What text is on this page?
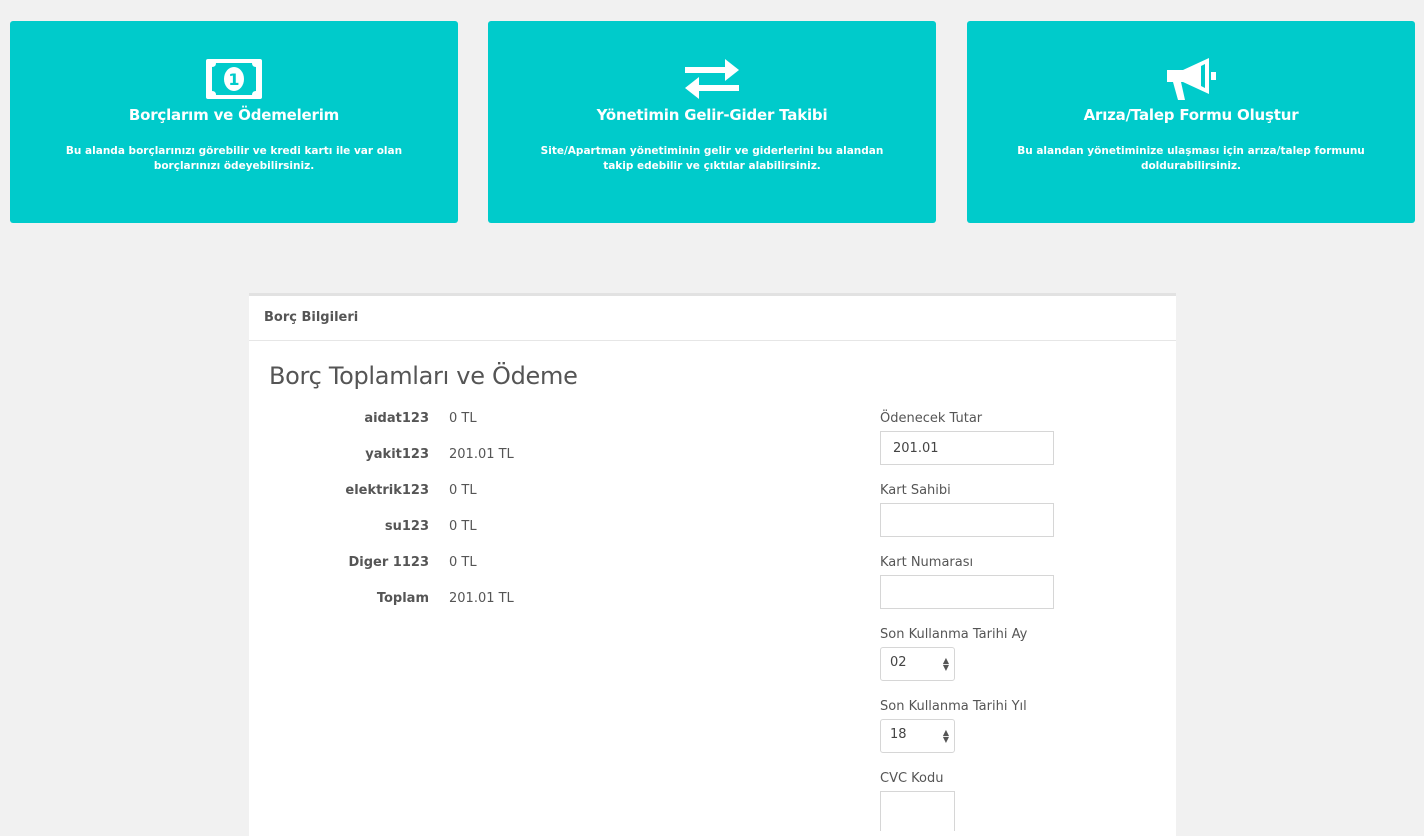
1
Borçlarım ve Ödemelerim
Bu alanda borçlarınızı görebilir ve kredi kartı ile var olan borçlarınızı ödeyebilirsiniz.
Yönetimin Gelir-Gider Takibi
Site/Apartman yönetiminin gelir ve giderlerini bu alandan takip edebilir ve çıktılar alabilirsiniz.
Arıza/Talep Formu Oluştur
Bu alandan yönetiminize ulaşması için arıza/talep formunu doldurabilirsiniz.
Borç Bilgileri
Borç Toplamları ve Ödeme
aidat123 0 TL
yakit123 201.01 TL
elektrik123 0 TL
su123 0 TL
Diger 1123 0 TL
Toplam 201.01 TL
Ödenecek Tutar
201.01
Kart Sahibi
Kart Numarası
Son Kullanma Tarihi Ay
02	▲
▼
Son Kullanma Tarihi Yıl
18	▲
▼
CVC Kodu
